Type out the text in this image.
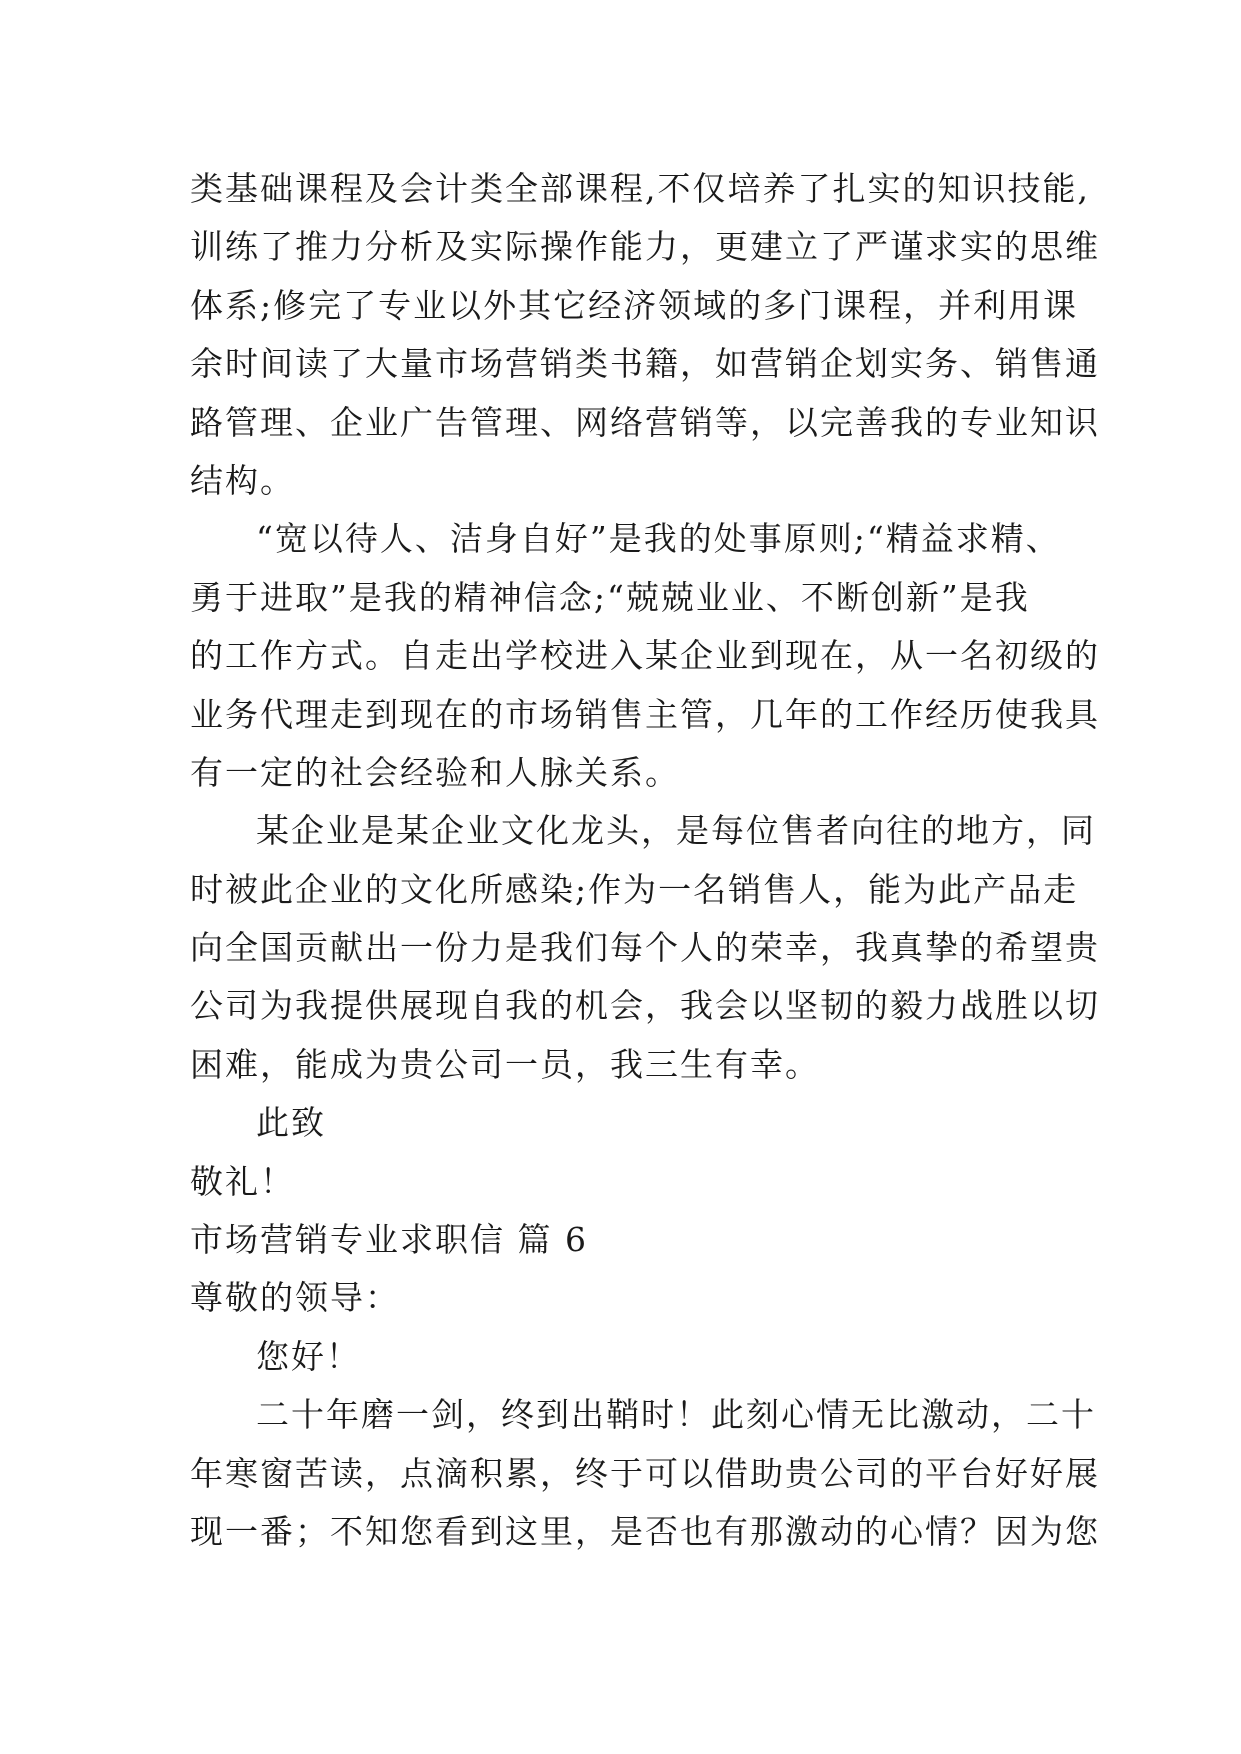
类基础课程及会计类全部课程,不仅培养了扎实的知识技能,
训练了推力分析及实际操作能力，更建立了严谨求实的思维
体系;修完了专业以外其它经济领域的多门课程，并利用课
余时间读了大量市场营销类书籍，如营销企划实务、销售通
路管理、企业广告管理、网络营销等，以完善我的专业知识
结构。
“宽以待人、洁身自好”是我的处事原则;“精益求精、
勇于进取”是我的精神信念;“兢兢业业、不断创新”是我
的工作方式。自走出学校进入某企业到现在，从一名初级的
业务代理走到现在的市场销售主管，几年的工作经历使我具
有一定的社会经验和人脉关系。
某企业是某企业文化龙头，是每位售者向往的地方，同
时被此企业的文化所感染;作为一名销售人，能为此产品走
向全国贡献出一份力是我们每个人的荣幸，我真挚的希望贵
公司为我提供展现自我的机会，我会以坚韧的毅力战胜以切
困难，能成为贵公司一员，我三生有幸。
此致
敬礼！
市场营销专业求职信 篇 6
尊敬的领导：
您好！
二十年磨一剑，终到出鞘时！此刻心情无比激动，二十
年寒窗苦读，点滴积累，终于可以借助贵公司的平台好好展
现一番；不知您看到这里，是否也有那激动的心情？因为您
